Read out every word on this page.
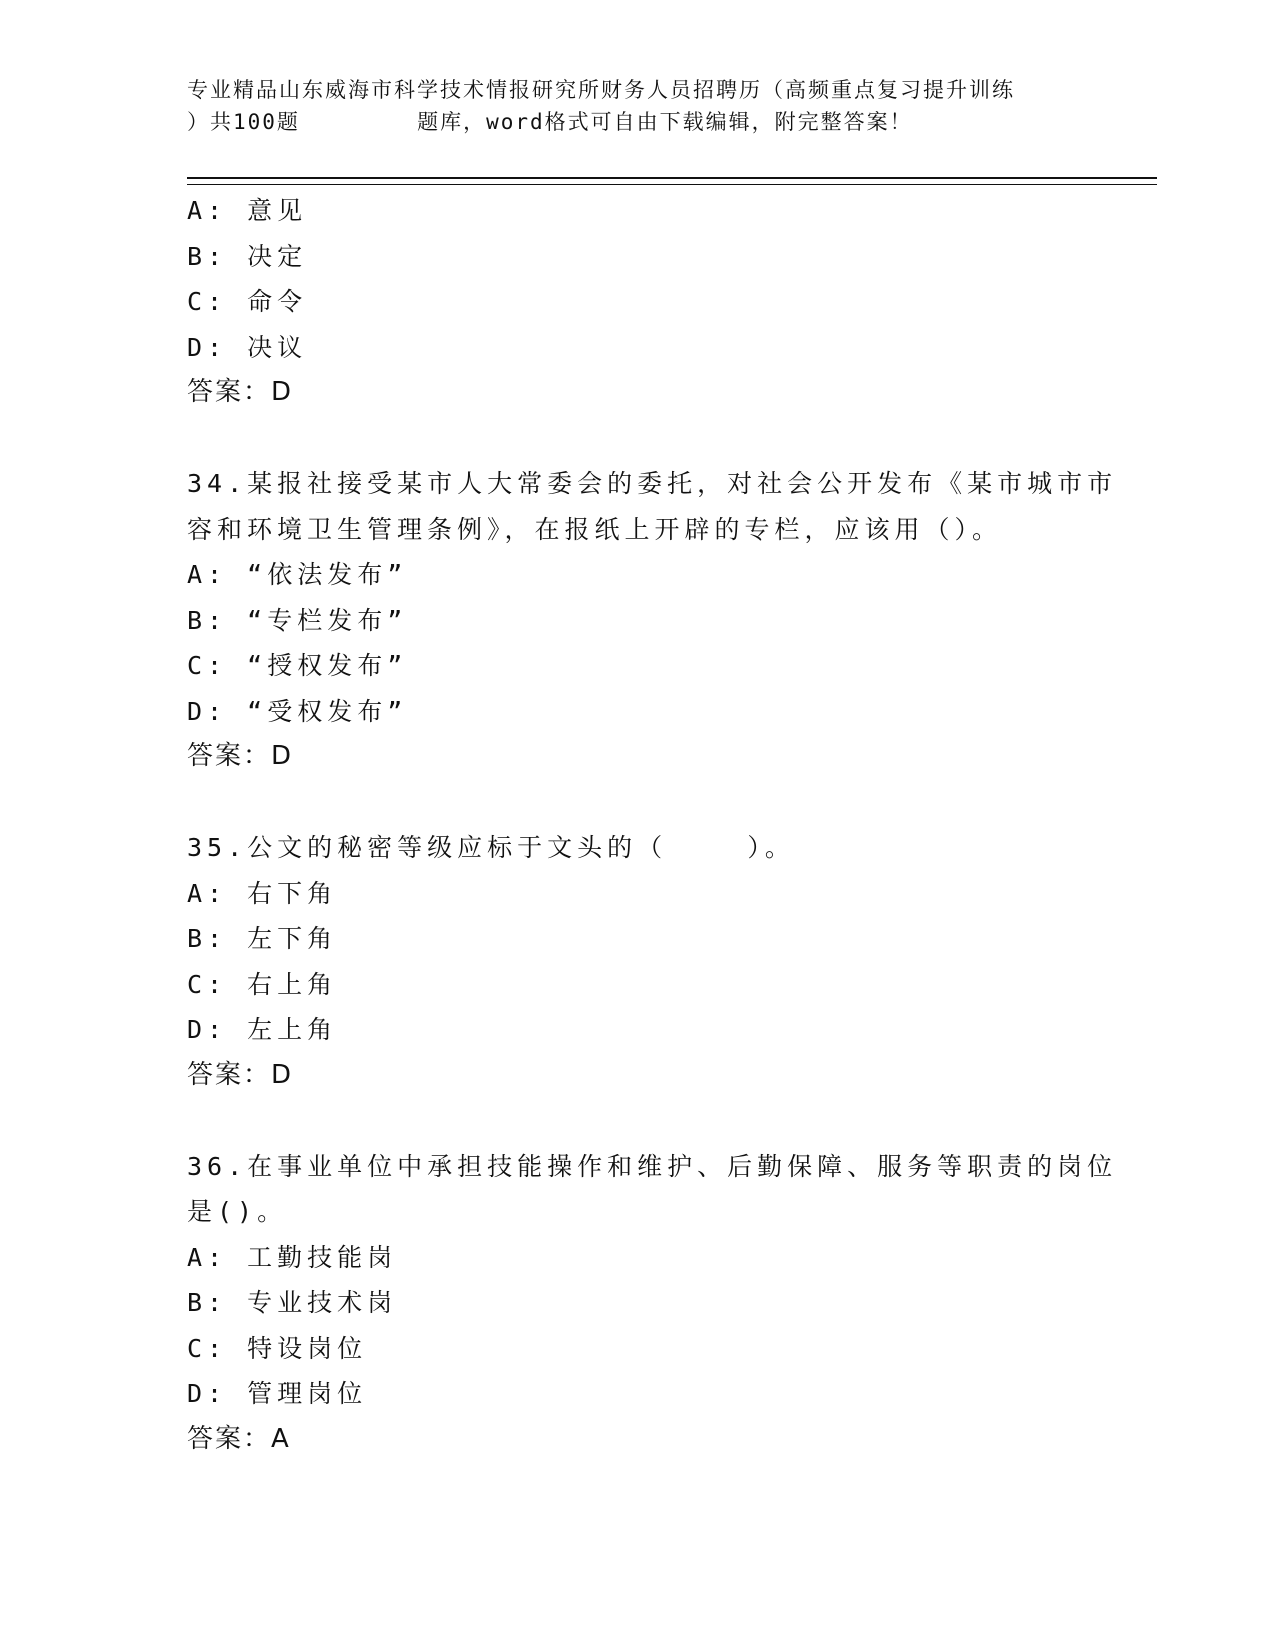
专业精品山东威海市科学技术情报研究所财务人员招聘历（高频重点复习提升训练
）共100题        题库，word格式可自由下载编辑，附完整答案！
A: 意见
B: 决定
C: 命令
D: 决议
答案：D
34.某报社接受某市人大常委会的委托，对社会公开发布《某市城市市
容和环境卫生管理条例》，在报纸上开辟的专栏，应该用（）。
A: “依法发布”
B: “专栏发布”
C: “授权发布”
D: “受权发布”
答案：D
35.公文的秘密等级应标于文头的（    ）。
A: 右下角
B: 左下角
C: 右上角
D: 左上角
答案：D
36.在事业单位中承担技能操作和维护、后勤保障、服务等职责的岗位
是()。
A: 工勤技能岗
B: 专业技术岗
C: 特设岗位
D: 管理岗位
答案：A
